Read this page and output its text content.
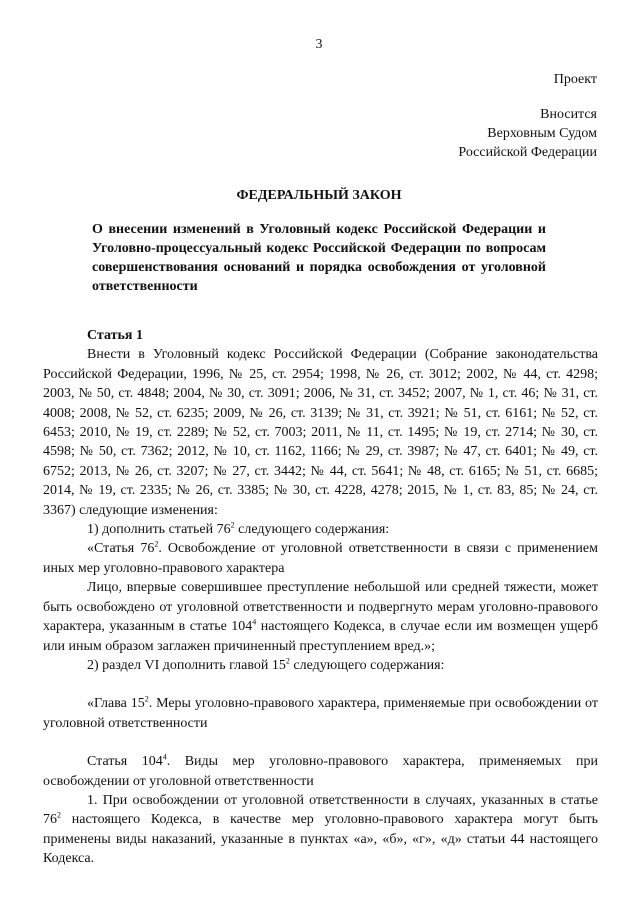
3
Проект
Вносится
Верховным Судом
Российской Федерации
ФЕДЕРАЛЬНЫЙ ЗАКОН
О внесении изменений в Уголовный кодекс Российской Федерации и Уголовно-процессуальный кодекс Российской Федерации по вопросам совершенствования оснований и порядка освобождения от уголовной ответственности
Статья 1

Внести в Уголовный кодекс Российской Федерации (Собрание законодательства Российской Федерации, 1996, № 25, ст. 2954; 1998, № 26, ст. 3012; 2002, № 44, ст. 4298; 2003, № 50, ст. 4848; 2004, № 30, ст. 3091; 2006, № 31, ст. 3452; 2007, № 1, ст. 46; № 31, ст. 4008; 2008, № 52, ст. 6235; 2009, № 26, ст. 3139; № 31, ст. 3921; № 51, ст. 6161; № 52, ст. 6453; 2010, № 19, ст. 2289; № 52, ст. 7003; 2011, № 11, ст. 1495; № 19, ст. 2714; № 30, ст. 4598; № 50, ст. 7362; 2012, № 10, ст. 1162, 1166; № 29, ст. 3987; № 47, ст. 6401; № 49, ст. 6752; 2013, № 26, ст. 3207; № 27, ст. 3442; № 44, ст. 5641; № 48, ст. 6165; № 51, ст. 6685; 2014, № 19, ст. 2335; № 26, ст. 3385; № 30, ст. 4228, 4278; 2015, № 1, ст. 83, 85; № 24, ст. 3367) следующие изменения:

1) дополнить статьей $76^2$ следующего содержания:

«Статья $76^2$. Освобождение от уголовной ответственности в связи с применением иных мер уголовно-правового характера

Лицо, впервые совершившее преступление небольшой или средней тяжести, может быть освобождено от уголовной ответственности и подвергнуто мерам уголовно-правового характера, указанным в статье $104^4$ настоящего Кодекса, в случае если им возмещен ущерб или иным образом заглажен причиненный преступлением вред.»;

2) раздел VI дополнить главой $15^2$ следующего содержания:

«Глава $15^2$. Меры уголовно-правового характера, применяемые при освобождении от уголовной ответственности

Статья $104^4$. Виды мер уголовно-правового характера, применяемых при освобождении от уголовной ответственности

1. При освобождении от уголовной ответственности в случаях, указанных в статье $76^2$ настоящего Кодекса, в качестве мер уголовно-правового характера могут быть применены виды наказаний, указанные в пунктах «а», «б», «г», «д» статьи 44 настоящего Кодекса.
